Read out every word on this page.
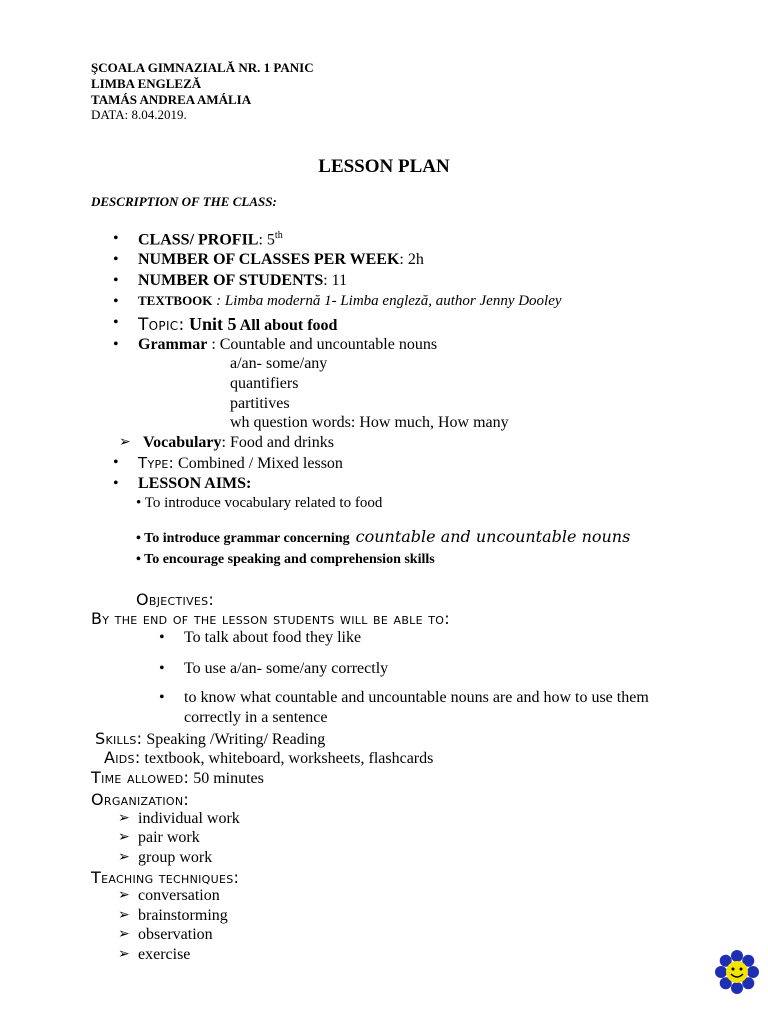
ŞCOALA GIMNAZIALĂ NR. 1 PANIC
LIMBA ENGLEZĂ
TAMÁS ANDREA AMÁLIA
DATA: 8.04.2019.
LESSON PLAN
DESCRIPTION OF THE CLASS:
• CLASS/ PROFIL: 5th
• NUMBER OF CLASSES PER WEEK: 2h
• NUMBER OF STUDENTS: 11
• TEXTBOOK : Limba modernă 1- Limba engleză, author Jenny Dooley
• Topic: Unit 5 All about food
• Grammar : Countable and uncountable nouns
a/an- some/any
quantifiers
partitives
wh question words: How much, How many
➢ Vocabulary: Food and drinks
• Type: Combined / Mixed lesson
• LESSON AIMS:
• To introduce vocabulary related to food
• To introduce grammar concerning countable and uncountable nouns
• To encourage speaking and comprehension skills
Objectives:
By the end of the lesson students will be able to:
• To talk about food they like
• To use a/an- some/any correctly
• to know what countable and uncountable nouns are and how to use them
correctly in a sentence
Skills: Speaking /Writing/ Reading
Aids: textbook, whiteboard, worksheets, flashcards
Time allowed: 50 minutes
Organization:
➢ individual work
➢ pair work
➢ group work
Teaching techniques:
➢ conversation
➢ brainstorming
➢ observation
➢ exercise
